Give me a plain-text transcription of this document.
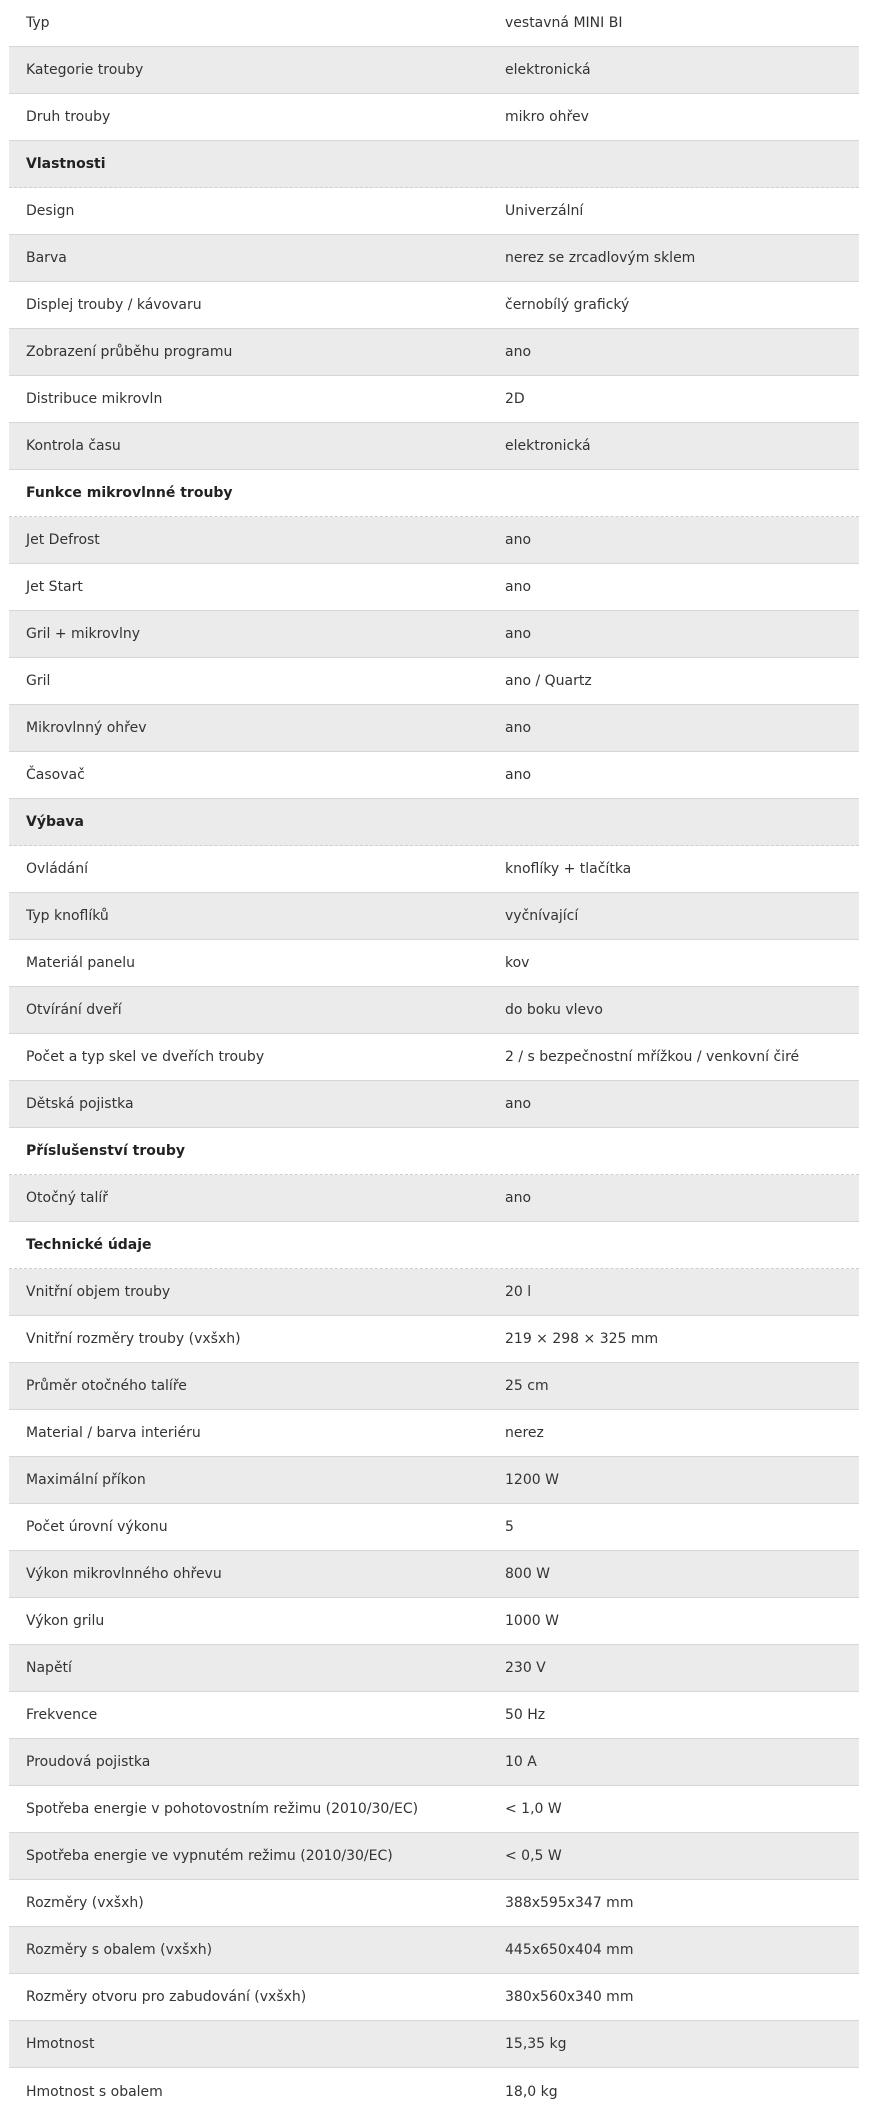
Typ	vestavná MINI BI
Kategorie trouby	elektronická
Druh trouby	mikro ohřev
Vlastnosti
Design	Univerzální
Barva	nerez se zrcadlovým sklem
Displej trouby / kávovaru	černobílý grafický
Zobrazení průběhu programu	ano
Distribuce mikrovln	2D
Kontrola času	elektronická
Funkce mikrovlnné trouby
Jet Defrost	ano
Jet Start	ano
Gril + mikrovlny	ano
Gril	ano / Quartz
Mikrovlnný ohřev	ano
Časovač	ano
Výbava
Ovládání	knoflíky + tlačítka
Typ knoflíků	vyčnívající
Materiál panelu	kov
Otvírání dveří	do boku vlevo
Počet a typ skel ve dveřích trouby	2 / s bezpečnostní mřížkou / venkovní čiré
Dětská pojistka	ano
Příslušenství trouby
Otočný talíř	ano
Technické údaje
Vnitřní objem trouby	20 l
Vnitřní rozměry trouby (vxšxh)	219 × 298 × 325 mm
Průměr otočného talíře	25 cm
Material / barva interiéru	nerez
Maximální příkon	1200 W
Počet úrovní výkonu	5
Výkon mikrovlnného ohřevu	800 W
Výkon grilu	1000 W
Napětí	230 V
Frekvence	50 Hz
Proudová pojistka	10 A
Spotřeba energie v pohotovostním režimu (2010/30/EC)	< 1,0 W
Spotřeba energie ve vypnutém režimu (2010/30/EC)	< 0,5 W
Rozměry (vxšxh)	388x595x347 mm
Rozměry s obalem (vxšxh)	445x650x404 mm
Rozměry otvoru pro zabudování (vxšxh)	380x560x340 mm
Hmotnost	15,35 kg
Hmotnost s obalem	18,0 kg
